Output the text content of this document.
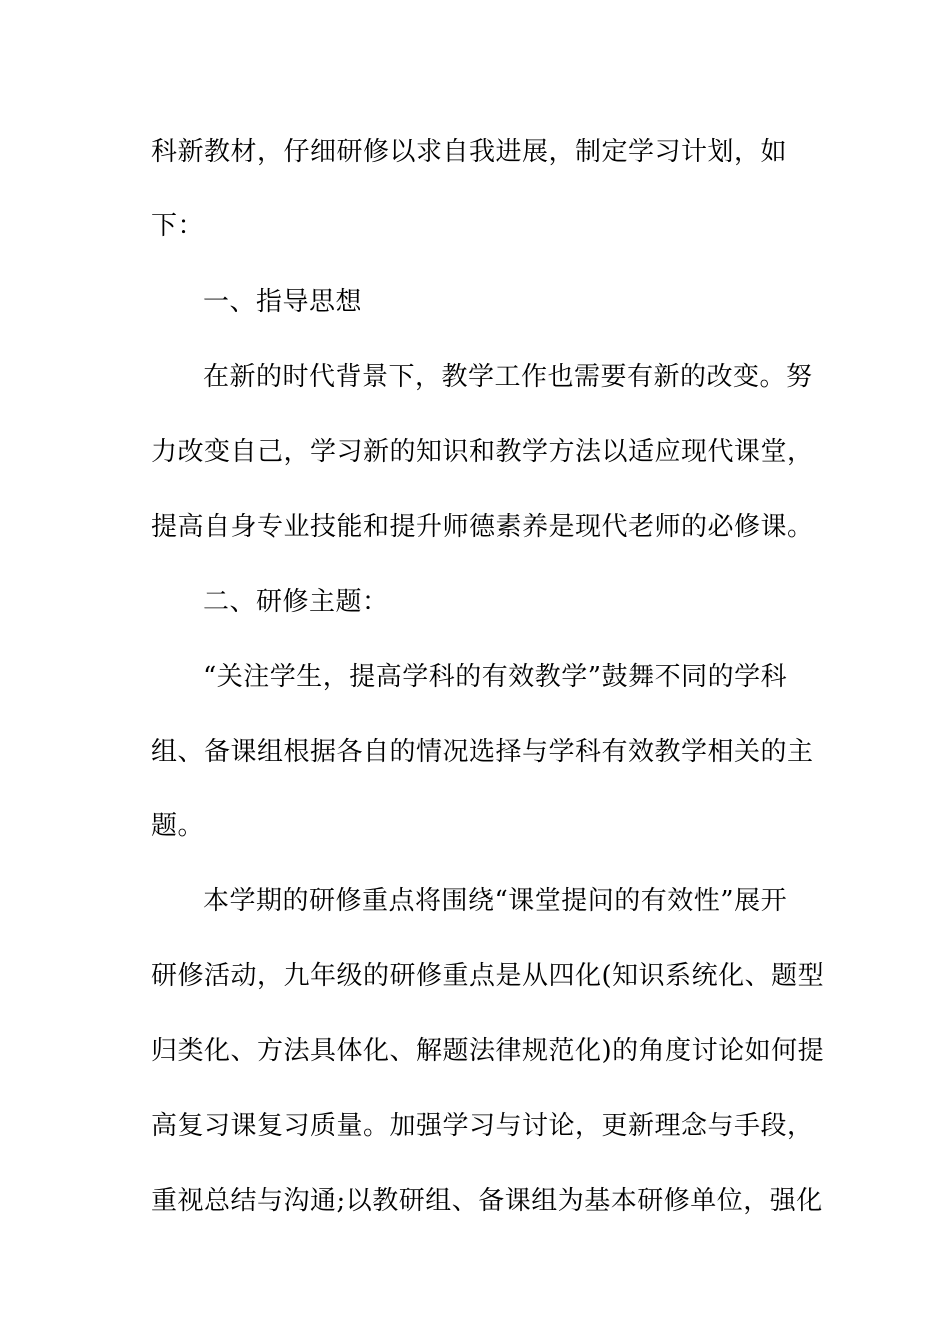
科新教材，仔细研修以求自我进展，制定学习计划，如
下：
一、指导思想
在新的时代背景下，教学工作也需要有新的改变。努
力改变自己，学习新的知识和教学方法以适应现代课堂，
提高自身专业技能和提升师德素养是现代老师的必修课。
二、研修主题：
“关注学生，提高学科的有效教学”鼓舞不同的学科
组、备课组根据各自的情况选择与学科有效教学相关的主
题。
本学期的研修重点将围绕“课堂提问的有效性”展开
研修活动，九年级的研修重点是从四化(知识系统化、题型
归类化、方法具体化、解题法律规范化)的角度讨论如何提
高复习课复习质量。加强学习与讨论，更新理念与手段，
重视总结与沟通;以教研组、备课组为基本研修单位，强化
